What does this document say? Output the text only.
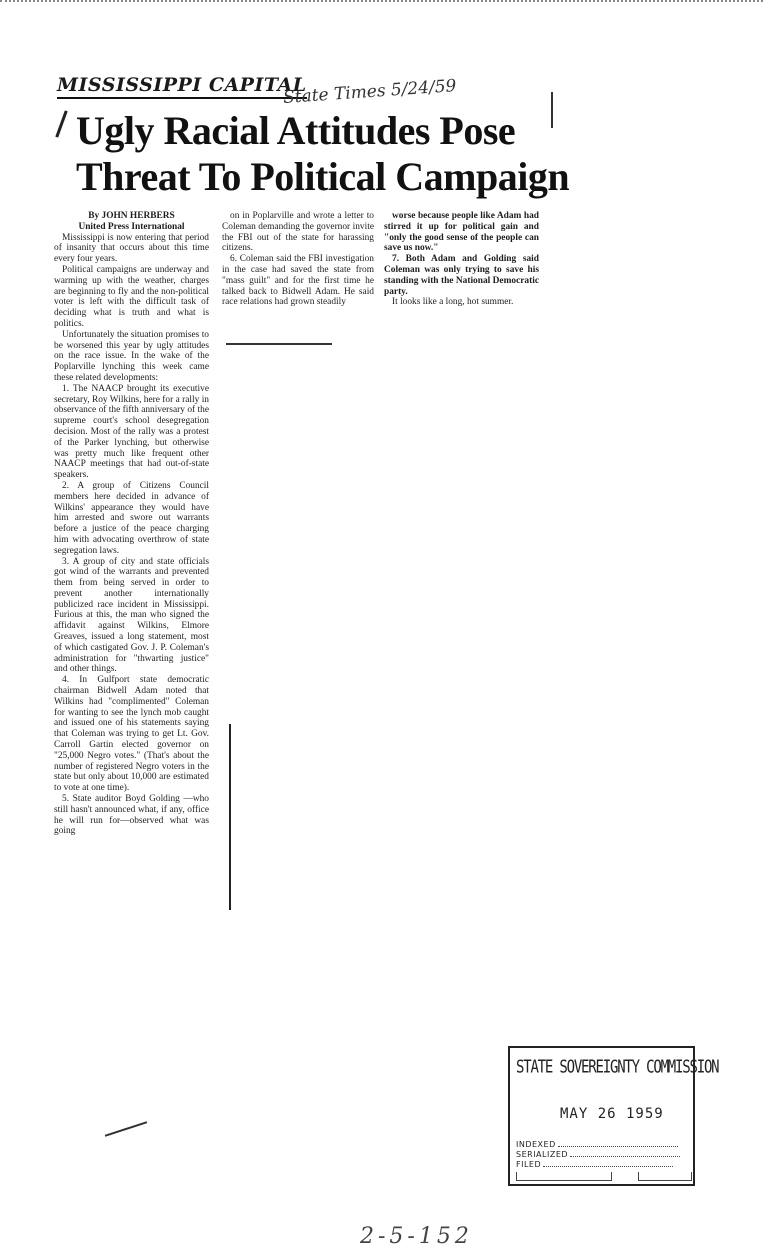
MISSISSIPPI CAPITAL
State Times 5/24/59
Ugly Racial Attitudes Pose
Threat To Political Campaign

By JOHN HERBERS

United Press International

Mississippi is now entering that period of insanity that occurs about this time every four years.

Political campaigns are underway and warming up with the weather, charges are beginning to fly and the non-political voter is left with the difficult task of deciding what is truth and what is politics.

Unfortunately the situation promises to be worsened this year by ugly attitudes on the race issue. In the wake of the Poplarville lynching this week came these related developments:

1. The NAACP brought its executive secretary, Roy Wilkins, here for a rally in observance of the fifth anniversary of the supreme court's school desegregation decision. Most of the rally was a protest of the Parker lynching, but otherwise was pretty much like frequent other NAACP meetings that had out-of-state speakers.

2. A group of Citizens Council members here decided in advance of Wilkins' appearance they would have him arrested and swore out warrants before a justice of the peace charging him with advocating overthrow of state segregation laws.

3. A group of city and state officials got wind of the warrants and prevented them from being served in order to prevent another internationally publicized race incident in Mississippi. Furious at this, the man who signed the affidavit against Wilkins, Elmore Greaves, issued a long statement, most of which castigated Gov. J. P. Coleman's administration for "thwarting justice" and other things.

4. In Gulfport state democratic chairman Bidwell Adam noted that Wilkins had "complimented" Coleman for wanting to see the lynch mob caught and issued one of his statements saying that Coleman was trying to get Lt. Gov. Carroll Gartin elected governor on "25,000 Negro votes." (That's about the number of registered Negro voters in the state but only about 10,000 are estimated to vote at one time).

5. State auditor Boyd Golding —who still hasn't announced what, if any, office he will run for—observed what was going

on in Poplarville and wrote a letter to Coleman demanding the governor invite the FBI out of the state for harassing citizens.

6. Coleman said the FBI investigation in the case had saved the state from "mass guilt" and for the first time he talked back to Bidwell Adam. He said race relations had grown steadily

worse because people like Adam had stirred it up for political gain and "only the good sense of the people can save us now."

7. Both Adam and Golding said Coleman was only trying to save his standing with the National Democratic party.

It looks like a long, hot summer.

STATE SOVEREIGNTY COMMISSION

MAY 26 1959
INDEXED
SERIALIZED
FILED
2-5-152
